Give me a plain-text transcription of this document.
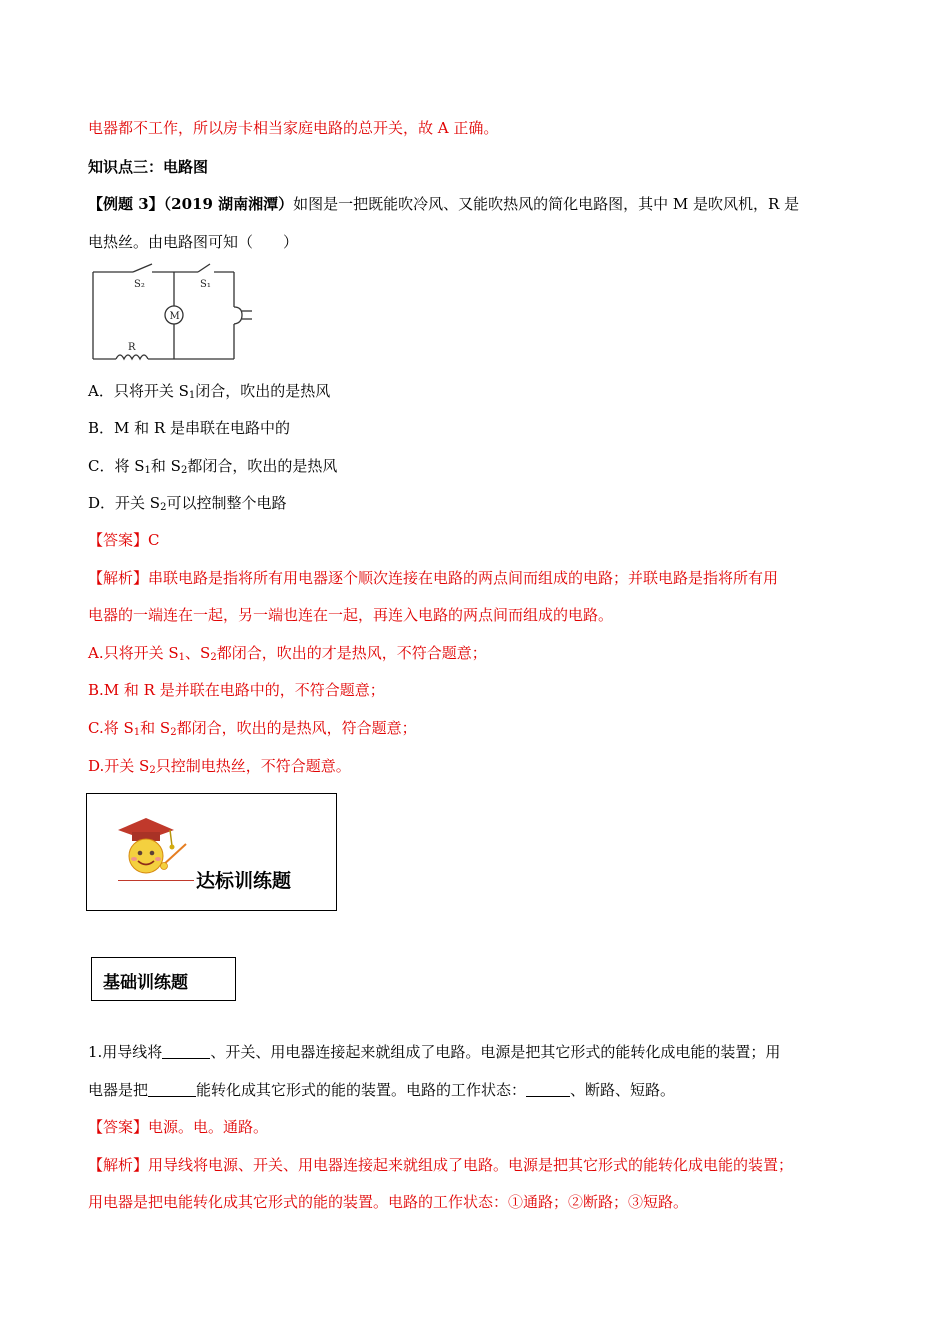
电器都不工作，所以房卡相当家庭电路的总开关，故 A 正确。
知识点三：电路图
【例题 3】（2019 湖南湘潭）如图是一把既能吹冷风、又能吹热风的简化电路图，其中 M 是吹风机，R 是
电热丝。由电路图可知（　　）
S₂	S₁
M
R
A．只将开关 $S_1$闭合，吹出的是热风
B．M 和 R 是串联在电路中的
C．将 $S_1$和 $S_2$都闭合，吹出的是热风
D．开关 $S_2$可以控制整个电路
【答案】C
【解析】串联电路是指将所有用电器逐个顺次连接在电路的两点间而组成的电路；并联电路是指将所有用
电器的一端连在一起，另一端也连在一起，再连入电路的两点间而组成的电路。
A.只将开关 $S_1$、$S_2$都闭合，吹出的才是热风，不符合题意；
B.M 和 R 是并联在电路中的，不符合题意；
C.将 $S_1$和 $S_2$都闭合，吹出的是热风，符合题意；
D.开关 $S_2$只控制电热丝，不符合题意。
达标训练题
基础训练题
1.用导线将	、开关、用电器连接起来就组成了电路。电源是把其它形式的能转化成电能的装置；用
电器是把	能转化成其它形式的能的装置。电路的工作状态：	、断路、短路。
【答案】电源。电。通路。
【解析】用导线将电源、开关、用电器连接起来就组成了电路。电源是把其它形式的能转化成电能的装置；
用电器是把电能转化成其它形式的能的装置。电路的工作状态：①通路；②断路；③短路。
